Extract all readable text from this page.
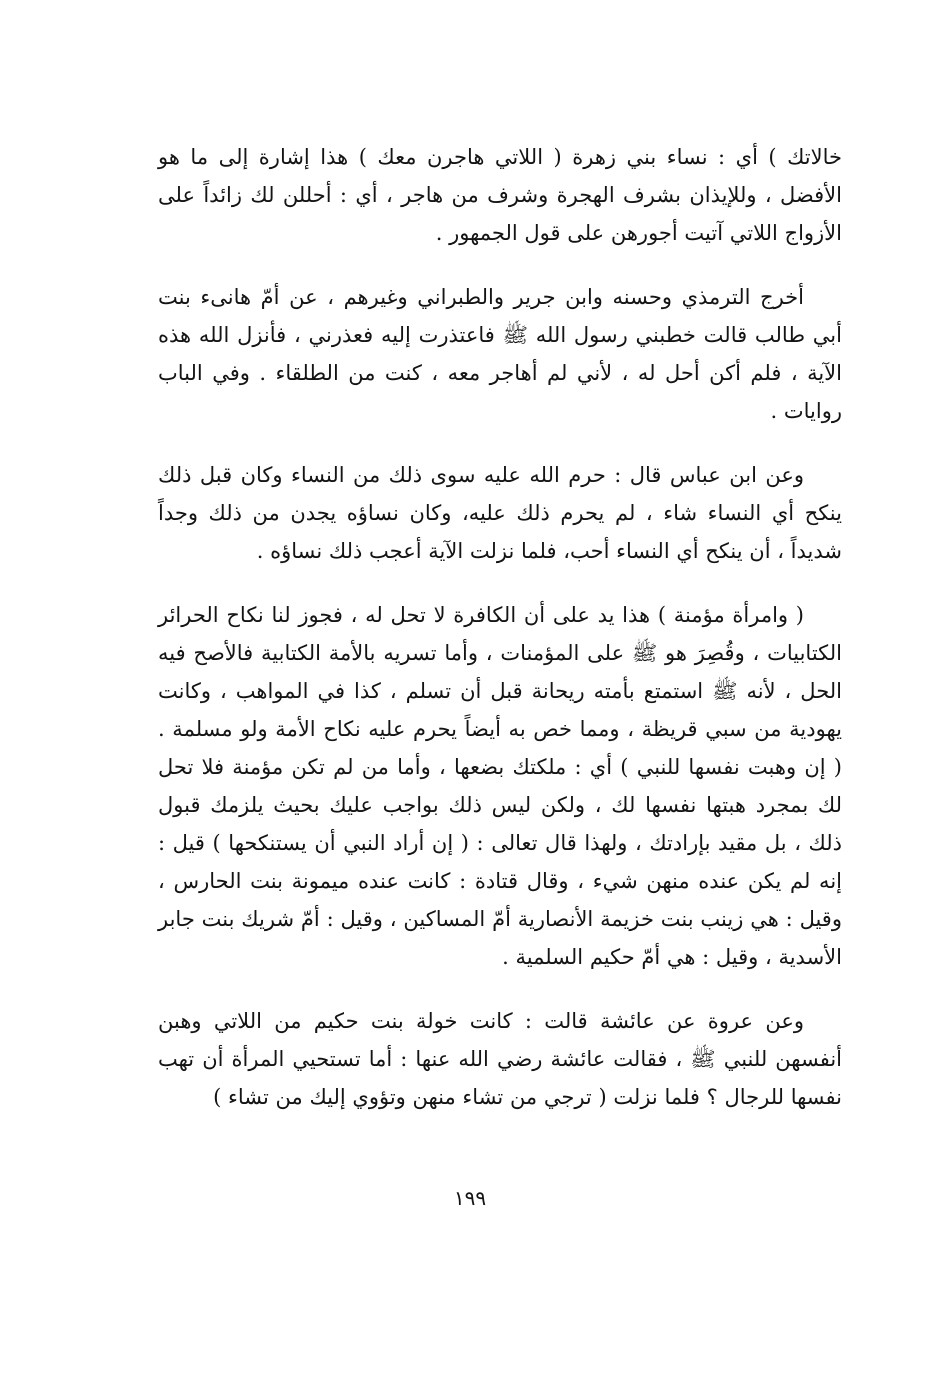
خالاتك ) أي : نساء بني زهرة ( اللاتي هاجرن معك ) هذا إشارة إلى ما هو الأفضل ، وللإيذان بشرف الهجرة وشرف من هاجر ، أي : أحللن لك زائداً على الأزواج اللاتي آتيت أجورهن على قول الجمهور .

أخرج الترمذي وحسنه وابن جرير والطبراني وغيرهم ، عن أمّ هانىء بنت أبي طالب قالت خطبني رسول الله ﷺ فاعتذرت إليه فعذرني ، فأنزل الله هذه الآية ، فلم أكن أحل له ، لأني لم أهاجر معه ، كنت من الطلقاء . وفي الباب روايات .

وعن ابن عباس قال : حرم الله عليه سوى ذلك من النساء وكان قبل ذلك ينكح أي النساء شاء ، لم يحرم ذلك عليه، وكان نساؤه يجدن من ذلك وجداً شديداً ، أن ينكح أي النساء أحب، فلما نزلت الآية أعجب ذلك نساؤه .

( وامرأة مؤمنة ) هذا يد على أن الكافرة لا تحل له ، فجوز لنا نكاح الحرائر الكتابيات ، وقُصِرَ هو ﷺ على المؤمنات ، وأما تسريه بالأمة الكتابية فالأصح فيه الحل ، لأنه ﷺ استمتع بأمته ريحانة قبل أن تسلم ، كذا في المواهب ، وكانت يهودية من سبي قريظة ، ومما خص به أيضاً يحرم عليه نكاح الأمة ولو مسلمة . ( إن وهبت نفسها للنبي ) أي : ملكتك بضعها ، وأما من لم تكن مؤمنة فلا تحل لك بمجرد هبتها نفسها لك ، ولكن ليس ذلك بواجب عليك بحيث يلزمك قبول ذلك ، بل مقيد بإرادتك ، ولهذا قال تعالى : ( إن أراد النبي أن يستنكحها ) قيل : إنه لم يكن عنده منهن شيء ، وقال قتادة : كانت عنده ميمونة بنت الحارس ، وقيل : هي زينب بنت خزيمة الأنصارية أمّ المساكين ، وقيل : أمّ شريك بنت جابر الأسدية ، وقيل : هي أمّ حكيم السلمية .

وعن عروة عن عائشة قالت : كانت خولة بنت حكيم من اللاتي وهبن أنفسهن للنبي ﷺ ، فقالت عائشة رضي الله عنها : أما تستحيي المرأة أن تهب نفسها للرجال ؟ فلما نزلت ( ترجي من تشاء منهن وتؤوي إليك من تشاء )

١٩٩
